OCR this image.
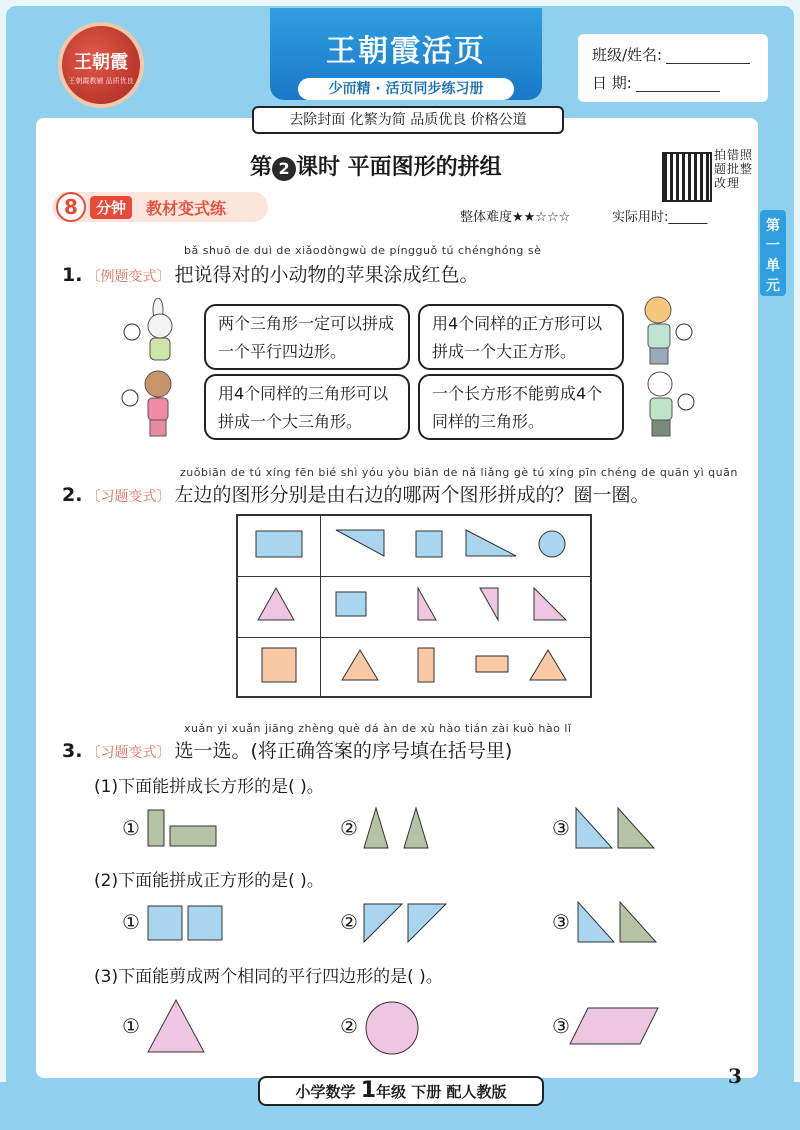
王朝霞
王朝霞教辅 品质优良
王朝霞活页
少而精 · 活页同步练习册
去除封面 化繁为简 品质优良 价格公道
班级/姓名:
日 期:
第 2 课时 平面图形的拼组	拍错照题批整改理
8	分钟	教材变式练	整体难度★★☆☆☆	实际用时:______
第一单元
bǎ shuō de duì de xiǎodòngwù de píngguǒ tú chénghóng sè
1. 〔例题变式〕 把说得对的小动物的苹果涂成红色。
两个三角形一定可以拼成一个平行四边形。
用4个同样的正方形可以拼成一个大正方形。
用4个同样的三角形可以拼成一个大三角形。
一个长方形不能剪成4个同样的三角形。
zuǒbiān de tú xíng fēn bié shì yóu yòu biān de nǎ liǎng gè tú xíng pīn chéng de quān yì quān
2. 〔习题变式〕 左边的图形分别是由右边的哪两个图形拼成的？圈一圈。
xuǎn yi xuǎn jiāng zhèng què dá àn de xù hào tián zài kuò hào lǐ
3. 〔习题变式〕 选一选。(将正确答案的序号填在括号里)
(1)下面能拼成长方形的是( )。
①	②	③
(2)下面能拼成正方形的是( )。
①	②	③
(3)下面能剪成两个相同的平行四边形的是( )。
①	②	③
小学数学 1年级 下册 配人教版
3
